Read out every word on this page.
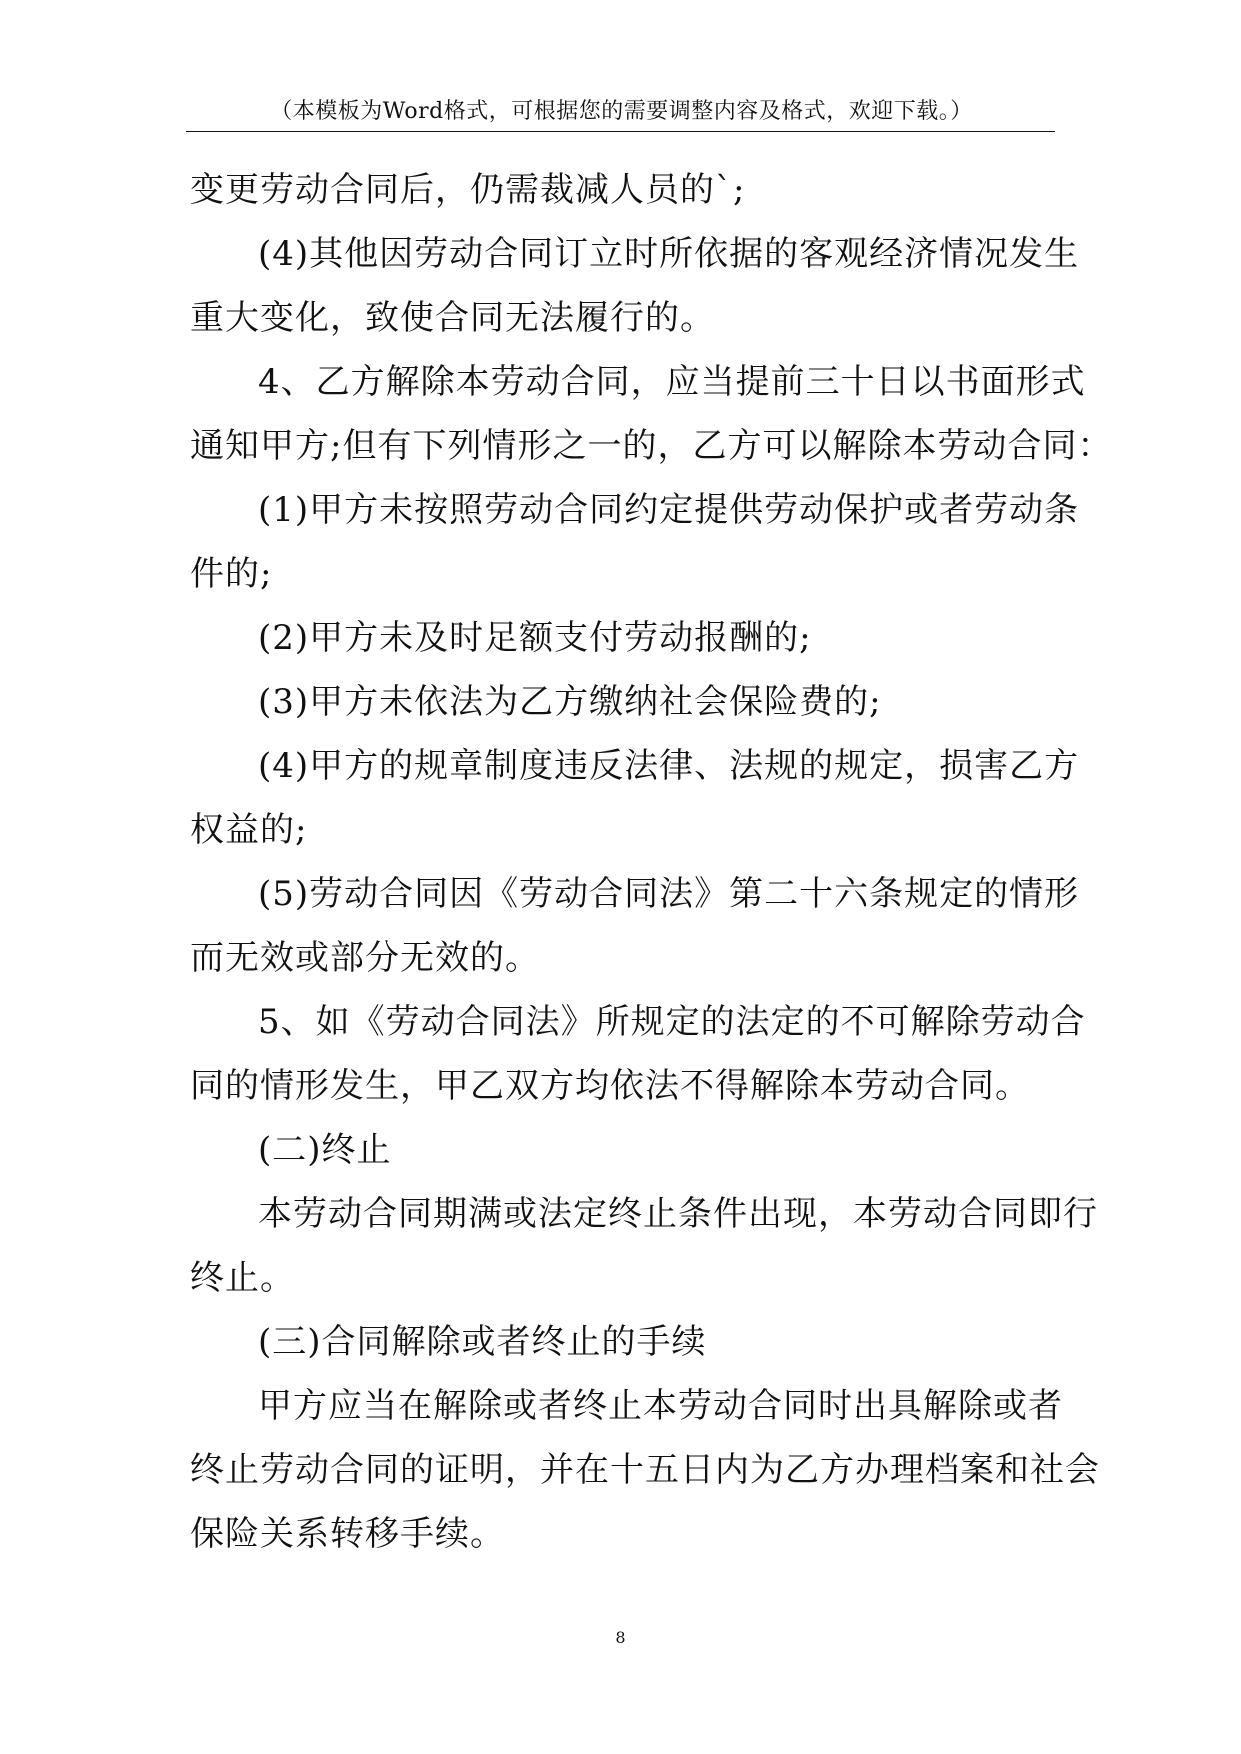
（本模板为Word格式，可根据您的需要调整内容及格式，欢迎下载。）
变更劳动合同后，仍需裁减人员的`;
(4)其他因劳动合同订立时所依据的客观经济情况发生
重大变化，致使合同无法履行的。
4、乙方解除本劳动合同，应当提前三十日以书面形式
通知甲方;但有下列情形之一的，乙方可以解除本劳动合同：
(1)甲方未按照劳动合同约定提供劳动保护或者劳动条
件的;
(2)甲方未及时足额支付劳动报酬的;
(3)甲方未依法为乙方缴纳社会保险费的;
(4)甲方的规章制度违反法律、法规的规定，损害乙方
权益的;
(5)劳动合同因《劳动合同法》第二十六条规定的情形
而无效或部分无效的。
5、如《劳动合同法》所规定的法定的不可解除劳动合
同的情形发生，甲乙双方均依法不得解除本劳动合同。
(二)终止
本劳动合同期满或法定终止条件出现，本劳动合同即行
终止。
(三)合同解除或者终止的手续
甲方应当在解除或者终止本劳动合同时出具解除或者
终止劳动合同的证明，并在十五日内为乙方办理档案和社会
保险关系转移手续。
8
